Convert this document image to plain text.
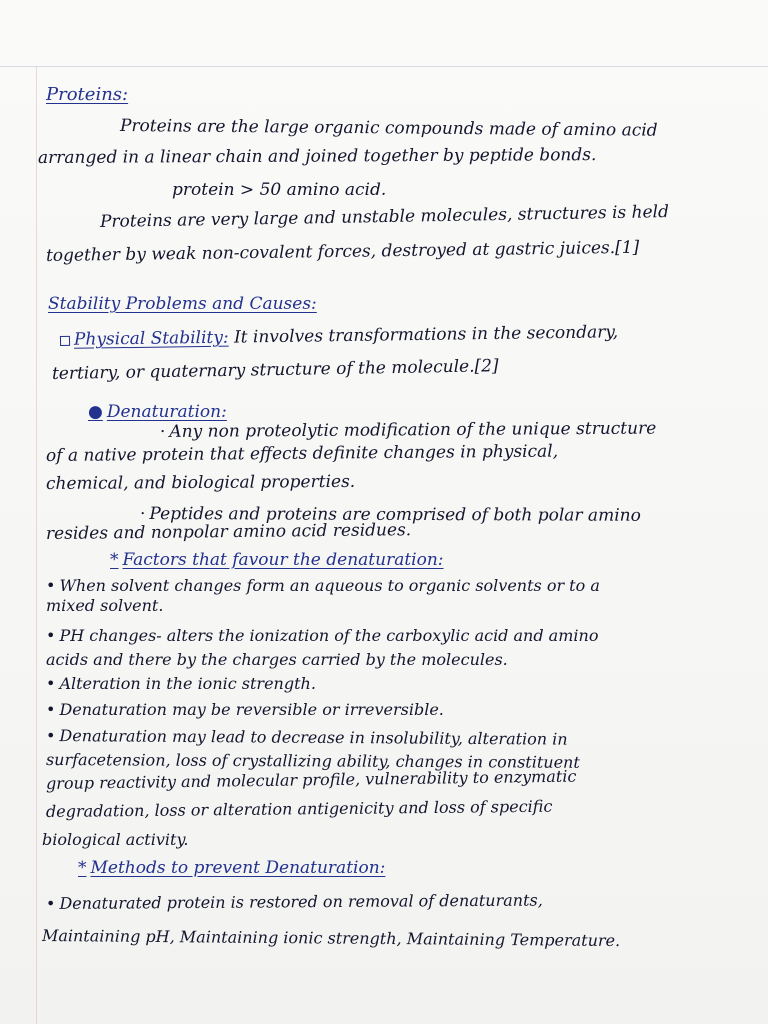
Proteins:
Proteins are the large organic compounds made of amino acid
arranged in a linear chain and joined together by peptide bonds.
protein > 50 amino acid.
Proteins are very large and unstable molecules, structures is held
together by weak non-covalent forces, destroyed at gastric juices.[1]
Stability Problems and Causes:
Physical Stability: It involves transformations in the secondary,
tertiary, or quaternary structure of the molecule.[2]
● Denaturation:
· Any non proteolytic modification of the unique structure
of a native protein that effects definite changes in physical,
chemical, and biological properties.
· Peptides and proteins are comprised of both polar amino
resides and nonpolar amino acid residues.
* Factors that favour the denaturation:
• When solvent changes form an aqueous to organic solvents or to a
mixed solvent.
• PH changes- alters the ionization of the carboxylic acid and amino
acids and there by the charges carried by the molecules.
• Alteration in the ionic strength.
• Denaturation may be reversible or irreversible.
• Denaturation may lead to decrease in insolubility, alteration in
surfacetension, loss of crystallizing ability, changes in constituent
group reactivity and molecular profile, vulnerability to enzymatic
degradation, loss or alteration antigenicity and loss of specific
biological activity.
* Methods to prevent Denaturation:
• Denaturated protein is restored on removal of denaturants,
Maintaining pH, Maintaining ionic strength, Maintaining Temperature.
